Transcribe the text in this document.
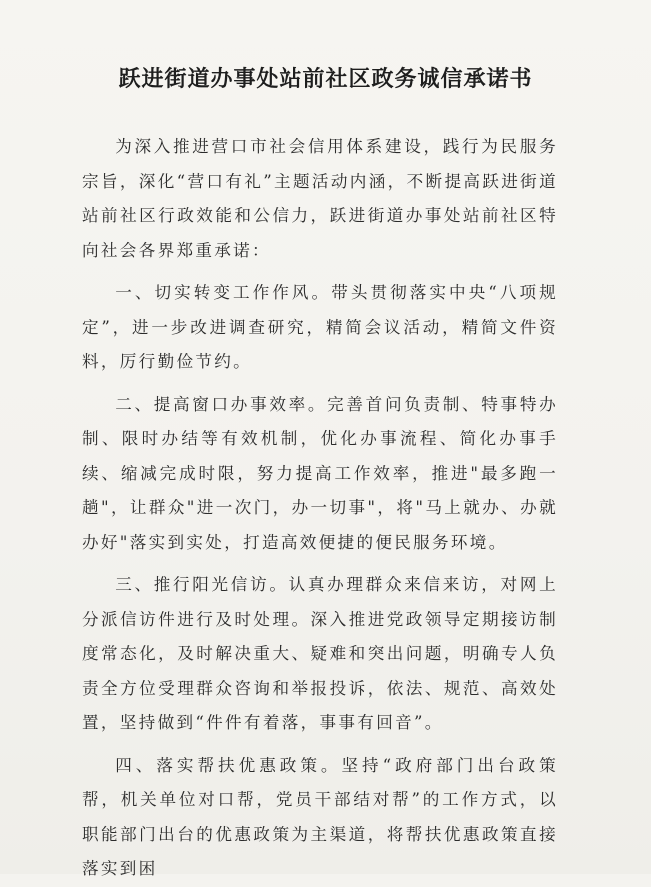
跃进街道办事处站前社区政务诚信承诺书

为深入推进营口市社会信用体系建设，践行为民服务宗旨，深化“营口有礼”主题活动内涵，不断提高跃进街道站前社区行政效能和公信力，跃进街道办事处站前社区特向社会各界郑重承诺：

一、切实转变工作作风。带头贯彻落实中央“八项规定”，进一步改进调查研究，精简会议活动，精简文件资料，厉行勤俭节约。

二、提高窗口办事效率。完善首问负责制、特事特办制、限时办结等有效机制，优化办事流程、简化办事手续、缩减完成时限，努力提高工作效率，推进"最多跑一趟"，让群众"进一次门，办一切事"，将"马上就办、办就办好"落实到实处，打造高效便捷的便民服务环境。

三、推行阳光信访。认真办理群众来信来访，对网上分派信访件进行及时处理。深入推进党政领导定期接访制度常态化，及时解决重大、疑难和突出问题，明确专人负责全方位受理群众咨询和举报投诉，依法、规范、高效处置，坚持做到“件件有着落，事事有回音”。

四、落实帮扶优惠政策。坚持“政府部门出台政策帮，机关单位对口帮，党员干部结对帮”的工作方式，以职能部门出台的优惠政策为主渠道，将帮扶优惠政策直接落实到困
